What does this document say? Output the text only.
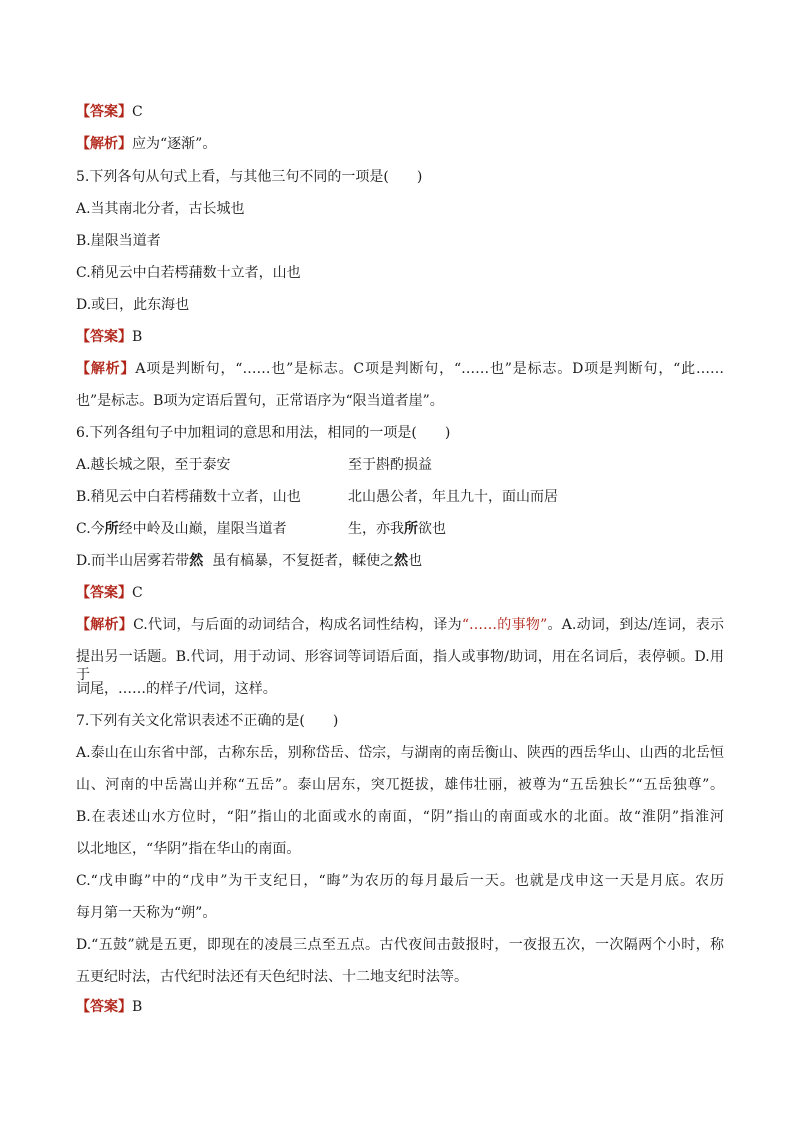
【答案】C
【解析】应为“逐渐”。
5.下列各句从句式上看，与其他三句不同的一项是(　　)
A.当其南北分者，古长城也
B.崖限当道者
C.稍见云中白若樗蒱数十立者，山也
D.或曰，此东海也
【答案】B
【解析】A项是判断句，“……也”是标志。C项是判断句，“……也”是标志。D项是判断句，“此……
也”是标志。B项为定语后置句，正常语序为“限当道者崖”。
6.下列各组句子中加粗词的意思和用法，相同的一项是(　　)
A.越长城之限，至于泰安	至于斟酌损益
B.稍见云中白若樗蒱数十立者，山也	北山愚公者，年且九十，面山而居
C.今所经中岭及山巅，崖限当道者	生，亦我所欲也
D.而半山居雾若带然 虽有槁暴，不复挺者，輮使之然也
【答案】C
【解析】C.代词，与后面的动词结合，构成名词性结构，译为“……的事物”。A.动词，到达/连词，表示
提出另一话题。B.代词，用于动词、形容词等词语后面，指人或事物/助词，用在名词后，表停顿。D.用于
词尾，……的样子/代词，这样。
7.下列有关文化常识表述不正确的是(　　)
A.泰山在山东省中部，古称东岳，别称岱岳、岱宗，与湖南的南岳衡山、陕西的西岳华山、山西的北岳恒
山、河南的中岳嵩山并称“五岳”。泰山居东，突兀挺拔，雄伟壮丽，被尊为“五岳独长”“五岳独尊”。
B.在表述山水方位时，“阳”指山的北面或水的南面，“阴”指山的南面或水的北面。故“淮阴”指淮河
以北地区，“华阴”指在华山的南面。
C.“戊申晦”中的“戊申”为干支纪日，“晦”为农历的每月最后一天。也就是戊申这一天是月底。农历
每月第一天称为“朔”。
D.“五鼓”就是五更，即现在的凌晨三点至五点。古代夜间击鼓报时，一夜报五次，一次隔两个小时，称
五更纪时法，古代纪时法还有天色纪时法、十二地支纪时法等。
【答案】B
